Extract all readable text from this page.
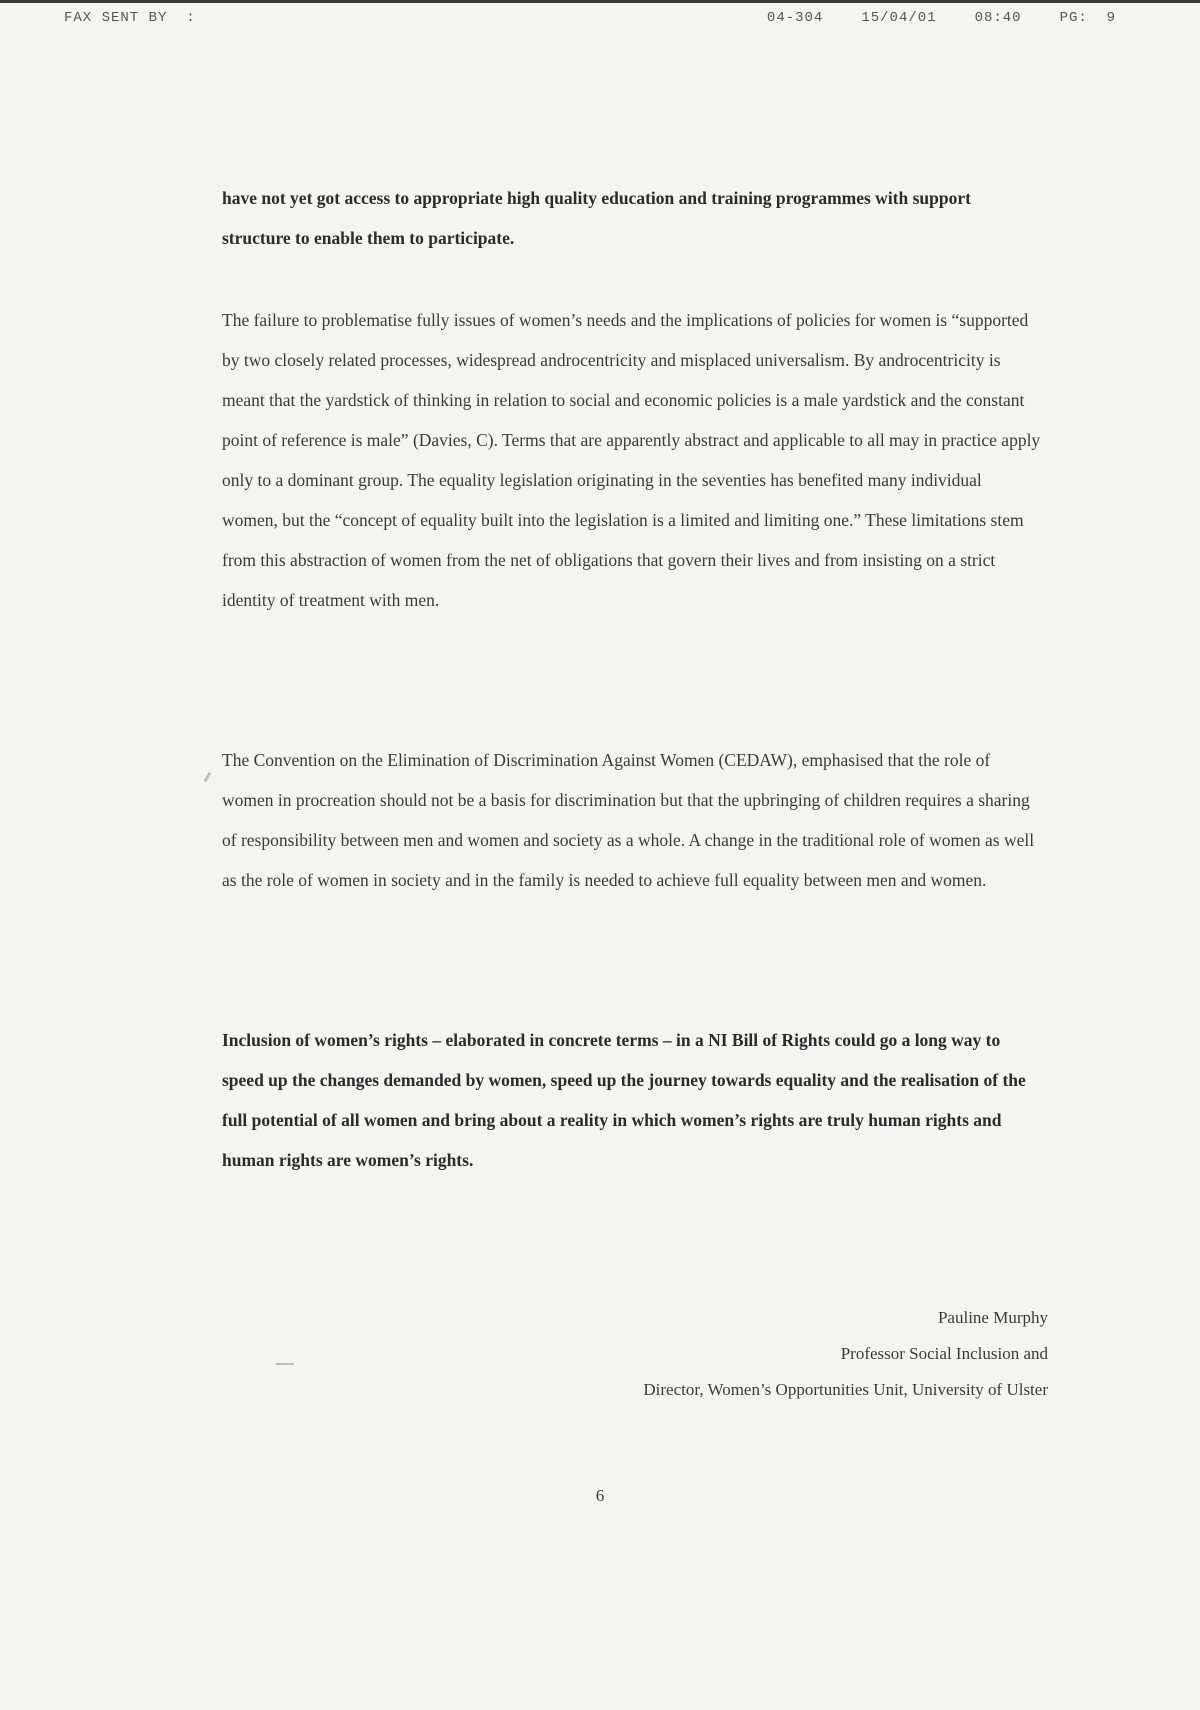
FAX SENT BY  :	04-304	15/04/01	08:40	PG:  9

have not yet got access to appropriate high quality education and training programmes with support structure to enable them to participate.

The failure to problematise fully issues of women’s needs and the implications of policies for women is “supported by two closely related processes, widespread androcentricity and misplaced universalism. By androcentricity is meant that the yardstick of thinking in relation to social and economic policies is a male yardstick and the constant point of reference is male” (Davies, C). Terms that are apparently abstract and applicable to all may in practice apply only to a dominant group. The equality legislation originating in the seventies has benefited many individual women, but the “concept of equality built into the legislation is a limited and limiting one.” These limitations stem from this abstraction of women from the net of obligations that govern their lives and from insisting on a strict identity of treatment with men.

The Convention on the Elimination of Discrimination Against Women (CEDAW), emphasised that the role of women in procreation should not be a basis for discrimination but that the upbringing of children requires a sharing of responsibility between men and women and society as a whole. A change in the traditional role of women as well as the role of women in society and in the family is needed to achieve full equality between men and women.

Inclusion of women’s rights – elaborated in concrete terms – in a NI Bill of Rights could go a long way to speed up the changes demanded by women, speed up the journey towards equality and the realisation of the full potential of all women and bring about a reality in which women’s rights are truly human rights and human rights are women’s rights.

Pauline Murphy
Professor Social Inclusion and
Director, Women’s Opportunities Unit, University of Ulster
6
